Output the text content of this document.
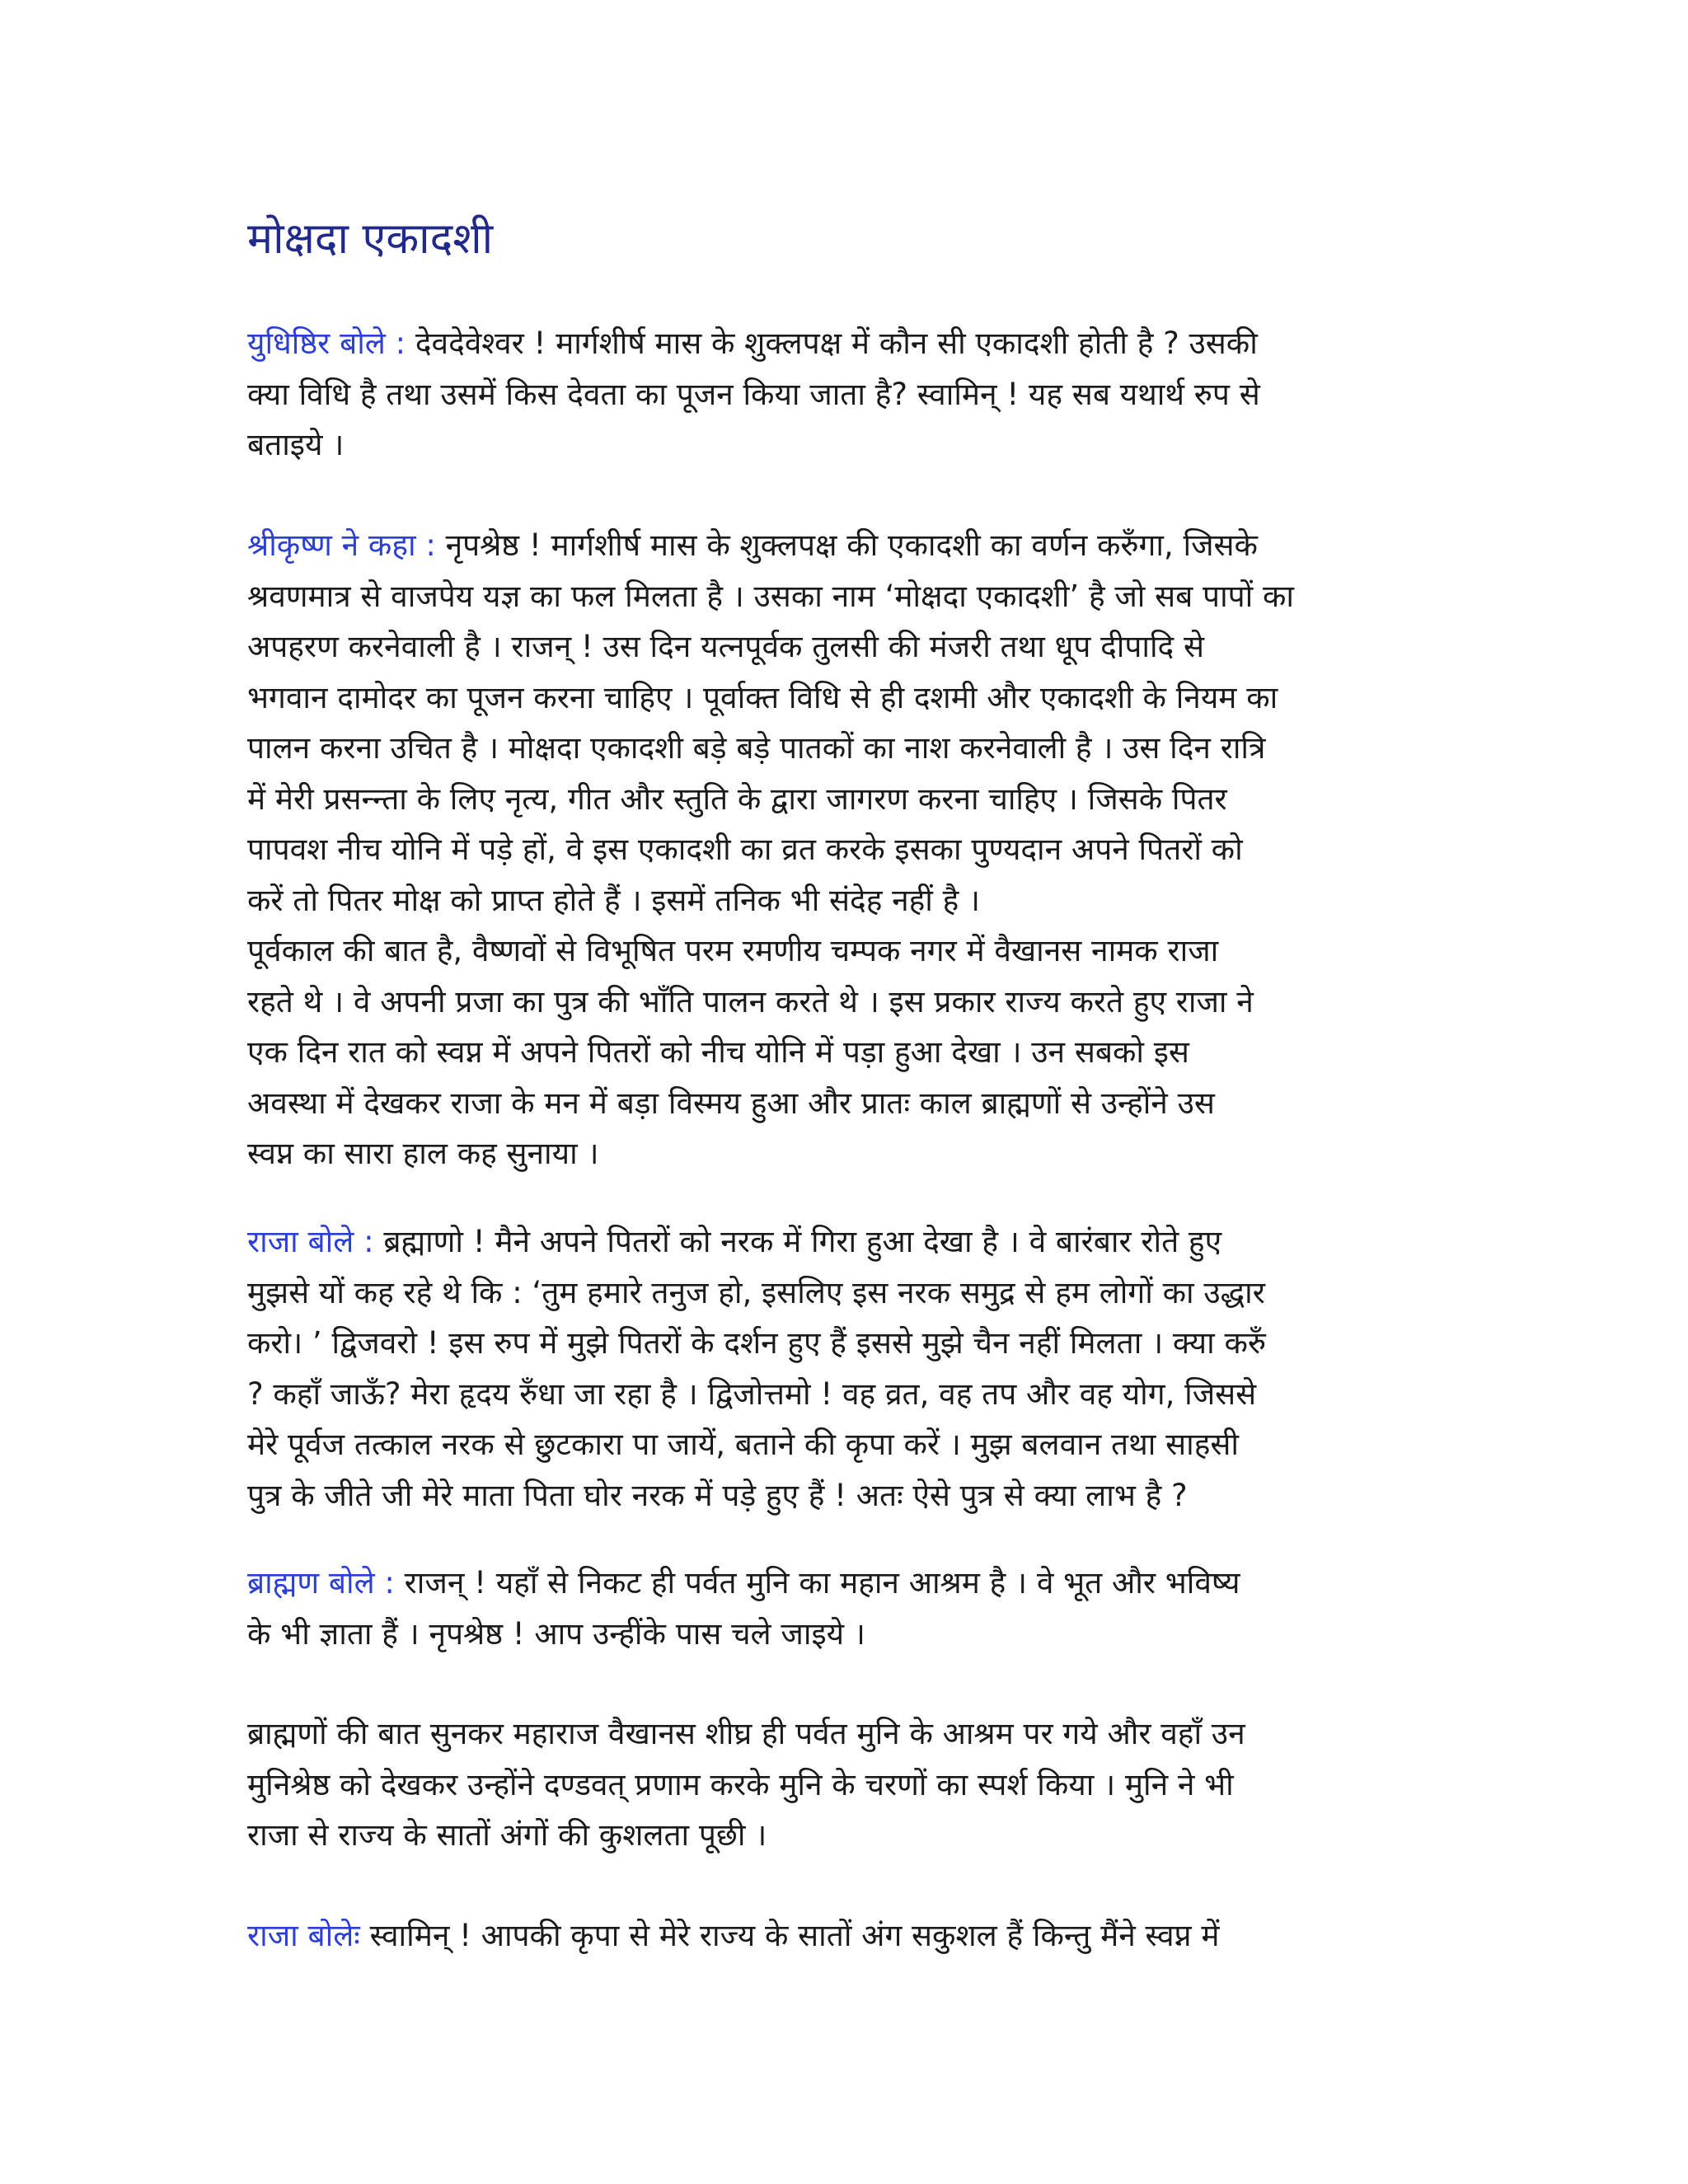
मोक्षदा एकादशी
युधिष्ठिर बोले : देवदेवेश्वर ! मार्गशीर्ष मास के शुक्लपक्ष में कौन सी एकादशी होती है ? उसकी
क्या विधि है तथा उसमें किस देवता का पूजन किया जाता है? स्वामिन् ! यह सब यथार्थ रुप से
बताइये ।
श्रीकृष्ण ने कहा : नृपश्रेष्ठ ! मार्गशीर्ष मास के शुक्लपक्ष की एकादशी का वर्णन करुँगा, जिसके
श्रवणमात्र से वाजपेय यज्ञ का फल मिलता है । उसका नाम ‘मोक्षदा एकादशी’ है जो सब पापों का
अपहरण करनेवाली है । राजन् ! उस दिन यत्नपूर्वक तुलसी की मंजरी तथा धूप दीपादि से
भगवान दामोदर का पूजन करना चाहिए । पूर्वाक्त विधि से ही दशमी और एकादशी के नियम का
पालन करना उचित है । मोक्षदा एकादशी बड़े बड़े पातकों का नाश करनेवाली है । उस दिन रात्रि
में मेरी प्रसन्न्ता के लिए नृत्य, गीत और स्तुति के द्वारा जागरण करना चाहिए । जिसके पितर
पापवश नीच योनि में पड़े हों, वे इस एकादशी का व्रत करके इसका पुण्यदान अपने पितरों को
करें तो पितर मोक्ष को प्राप्त होते हैं । इसमें तनिक भी संदेह नहीं है ।
पूर्वकाल की बात है, वैष्णवों से विभूषित परम रमणीय चम्पक नगर में वैखानस नामक राजा
रहते थे । वे अपनी प्रजा का पुत्र की भाँति पालन करते थे । इस प्रकार राज्य करते हुए राजा ने
एक दिन रात को स्वप्न में अपने पितरों को नीच योनि में पड़ा हुआ देखा । उन सबको इस
अवस्था में देखकर राजा के मन में बड़ा विस्मय हुआ और प्रातः काल ब्राह्मणों से उन्होंने उस
स्वप्न का सारा हाल कह सुनाया ।
राजा बोले : ब्रह्माणो ! मैने अपने पितरों को नरक में गिरा हुआ देखा है । वे बारंबार रोते हुए
मुझसे यों कह रहे थे कि : ‘तुम हमारे तनुज हो, इसलिए इस नरक समुद्र से हम लोगों का उद्धार
करो। ’ द्विजवरो ! इस रुप में मुझे पितरों के दर्शन हुए हैं इससे मुझे चैन नहीं मिलता । क्या करुँ
? कहाँ जाऊँ? मेरा हृदय रुँधा जा रहा है । द्विजोत्तमो ! वह व्रत, वह तप और वह योग, जिससे
मेरे पूर्वज तत्काल नरक से छुटकारा पा जायें, बताने की कृपा करें । मुझ बलवान तथा साहसी
पुत्र के जीते जी मेरे माता पिता घोर नरक में पड़े हुए हैं ! अतः ऐसे पुत्र से क्या लाभ है ?
ब्राह्मण बोले : राजन् ! यहाँ से निकट ही पर्वत मुनि का महान आश्रम है । वे भूत और भविष्य
के भी ज्ञाता हैं । नृपश्रेष्ठ ! आप उन्हींके पास चले जाइये ।
ब्राह्मणों की बात सुनकर महाराज वैखानस शीघ्र ही पर्वत मुनि के आश्रम पर गये और वहाँ उन
मुनिश्रेष्ठ को देखकर उन्होंने दण्डवत् प्रणाम करके मुनि के चरणों का स्पर्श किया । मुनि ने भी
राजा से राज्य के सातों अंगों की कुशलता पूछी ।
राजा बोलेः स्वामिन् ! आपकी कृपा से मेरे राज्य के सातों अंग सकुशल हैं किन्तु मैंने स्वप्न में
